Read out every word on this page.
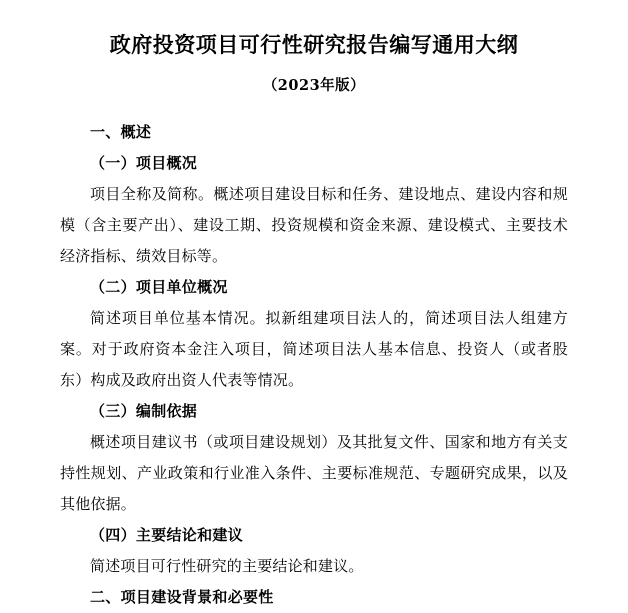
政府投资项目可行性研究报告编写通用大纲
（2023年版）
一、概述
（一）项目概况
项目全称及简称。概述项目建设目标和任务、建设地点、建设内容和规模（含主要产出）、建设工期、投资规模和资金来源、建设模式、主要技术经济指标、绩效目标等。
（二）项目单位概况
简述项目单位基本情况。拟新组建项目法人的，简述项目法人组建方案。对于政府资本金注入项目，简述项目法人基本信息、投资人（或者股东）构成及政府出资人代表等情况。
（三）编制依据
概述项目建议书（或项目建设规划）及其批复文件、国家和地方有关支持性规划、产业政策和行业准入条件、主要标准规范、专题研究成果，以及其他依据。
（四）主要结论和建议
简述项目可行性研究的主要结论和建议。
二、项目建设背景和必要性
